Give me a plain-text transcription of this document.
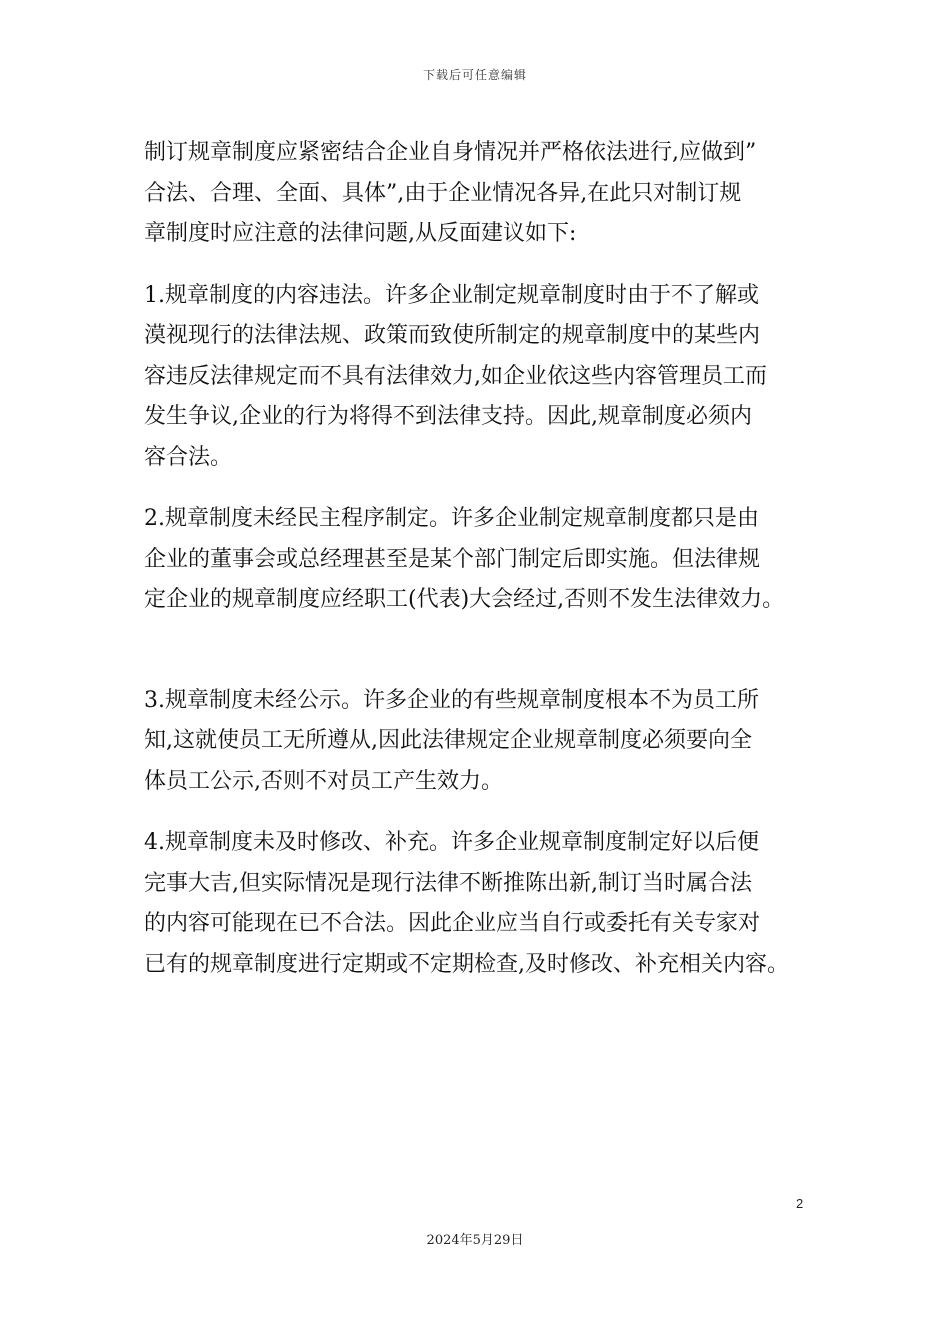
下载后可任意编辑

制订规章制度应紧密结合企业自身情况并严格依法进行,应做到”
合法、合理、全面、具体”,由于企业情况各异,在此只对制订规
章制度时应注意的法律问题,从反面建议如下:

1.规章制度的内容违法。许多企业制定规章制度时由于不了解或
漠视现行的法律法规、政策而致使所制定的规章制度中的某些内
容违反法律规定而不具有法律效力,如企业依这些内容管理员工而
发生争议,企业的行为将得不到法律支持。因此,规章制度必须内
容合法。

2.规章制度未经民主程序制定。许多企业制定规章制度都只是由
企业的董事会或总经理甚至是某个部门制定后即实施。但法律规
定企业的规章制度应经职工(代表)大会经过,否则不发生法律效力。

3.规章制度未经公示。许多企业的有些规章制度根本不为员工所
知,这就使员工无所遵从,因此法律规定企业规章制度必须要向全
体员工公示,否则不对员工产生效力。

4.规章制度未及时修改、补充。许多企业规章制度制定好以后便
完事大吉,但实际情况是现行法律不断推陈出新,制订当时属合法
的内容可能现在已不合法。因此企业应当自行或委托有关专家对
已有的规章制度进行定期或不定期检查,及时修改、补充相关内容。

2
2024年5月29日
